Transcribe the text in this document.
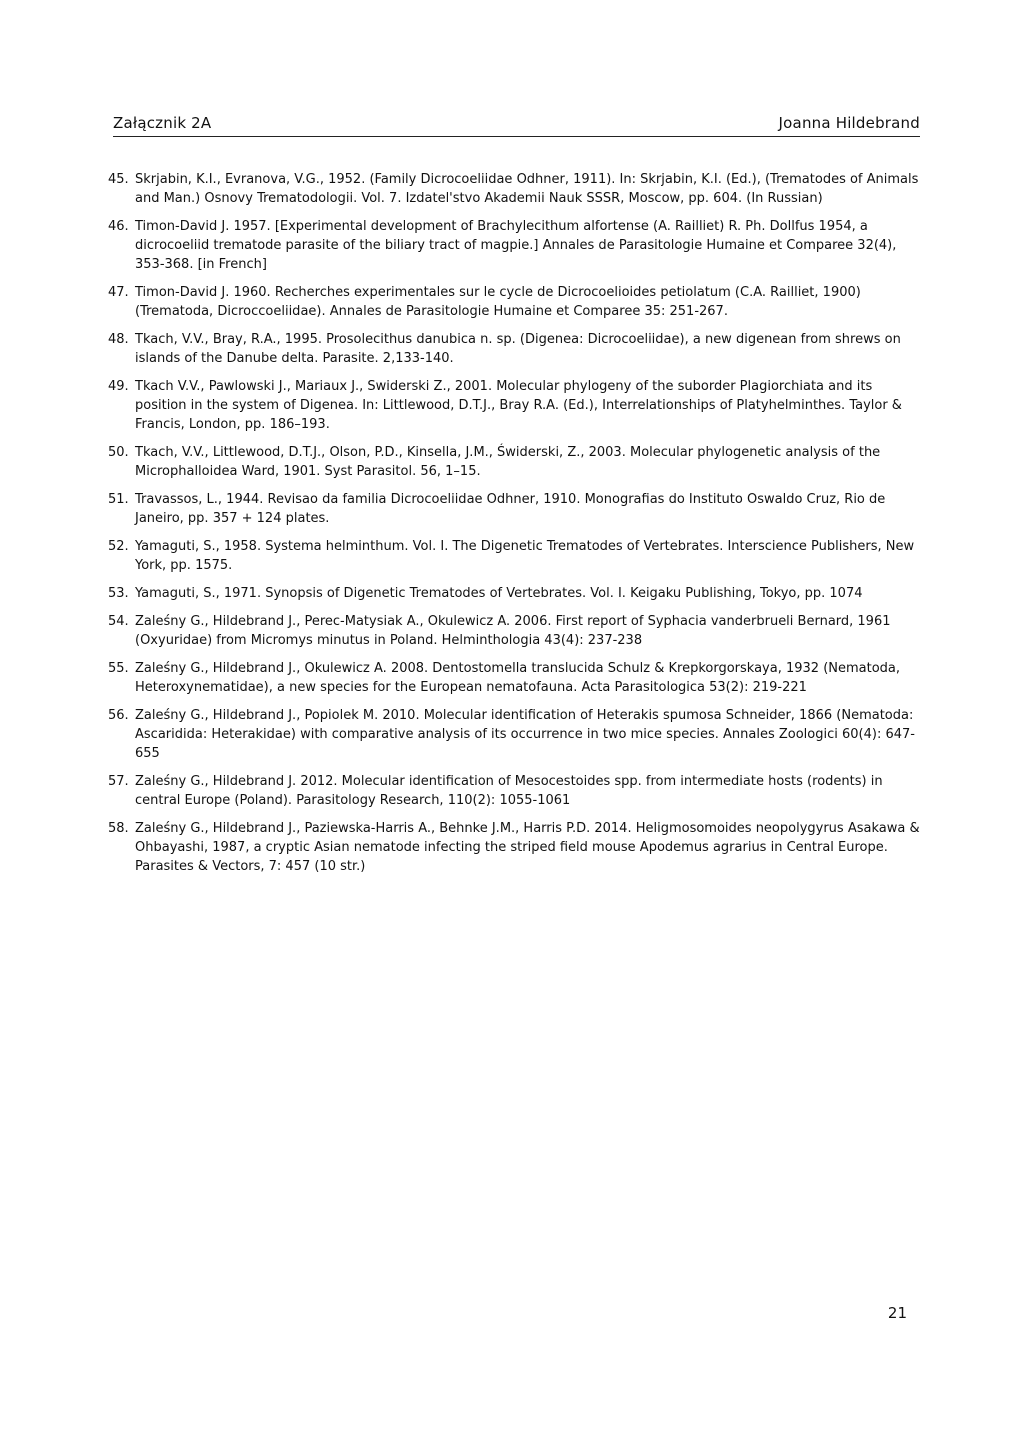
Załącznik 2A	Joanna Hildebrand
45. Skrjabin, K.I., Evranova, V.G., 1952. (Family Dicrocoeliidae Odhner, 1911). In: Skrjabin, K.I. (Ed.), (Trematodes of Animals and Man.) Osnovy Trematodologii. Vol. 7. Izdatel'stvo Akademii Nauk SSSR, Moscow, pp. 604. (In Russian)
46. Timon-David J. 1957. [Experimental development of Brachylecithum alfortense (A. Railliet) R. Ph. Dollfus 1954, a dicrocoeliid trematode parasite of the biliary tract of magpie.] Annales de Parasitologie Humaine et Comparee 32(4), 353-368. [in French]
47. Timon-David J. 1960. Recherches experimentales sur le cycle de Dicrocoelioides petiolatum (C.A. Railliet, 1900) (Trematoda, Dicroccoeliidae). Annales de Parasitologie Humaine et Comparee 35: 251-267.
48. Tkach, V.V., Bray, R.A., 1995. Prosolecithus danubica n. sp. (Digenea: Dicrocoeliidae), a new digenean from shrews on islands of the Danube delta. Parasite. 2,133-140.
49. Tkach V.V., Pawlowski J., Mariaux J., Swiderski Z., 2001. Molecular phylogeny of the suborder Plagiorchiata and its position in the system of Digenea. In: Littlewood, D.T.J., Bray R.A. (Ed.), Interrelationships of Platyhelminthes. Taylor & Francis, London, pp. 186–193.
50. Tkach, V.V., Littlewood, D.T.J., Olson, P.D., Kinsella, J.M., Świderski, Z., 2003. Molecular phylogenetic analysis of the Microphalloidea Ward, 1901. Syst Parasitol. 56, 1–15.
51. Travassos, L., 1944. Revisao da familia Dicrocoeliidae Odhner, 1910. Monografias do Instituto Oswaldo Cruz, Rio de Janeiro, pp. 357 + 124 plates.
52. Yamaguti, S., 1958. Systema helminthum. Vol. I. The Digenetic Trematodes of Vertebrates. Interscience Publishers, New York, pp. 1575.
53. Yamaguti, S., 1971. Synopsis of Digenetic Trematodes of Vertebrates. Vol. I. Keigaku Publishing, Tokyo, pp. 1074
54. Zaleśny G., Hildebrand J., Perec-Matysiak A., Okulewicz A. 2006. First report of Syphacia vanderbrueli Bernard, 1961 (Oxyuridae) from Micromys minutus in Poland. Helminthologia 43(4): 237-238
55. Zaleśny G., Hildebrand J., Okulewicz A. 2008. Dentostomella translucida Schulz & Krepkorgorskaya, 1932 (Nematoda, Heteroxynematidae), a new species for the European nematofauna. Acta Parasitologica 53(2): 219-221
56. Zaleśny G., Hildebrand J., Popiolek M. 2010. Molecular identification of Heterakis spumosa Schneider, 1866 (Nematoda: Ascaridida: Heterakidae) with comparative analysis of its occurrence in two mice species. Annales Zoologici 60(4): 647-655
57. Zaleśny G., Hildebrand J. 2012. Molecular identification of Mesocestoides spp. from intermediate hosts (rodents) in central Europe (Poland). Parasitology Research, 110(2): 1055-1061
58. Zaleśny G., Hildebrand J., Paziewska-Harris A., Behnke J.M., Harris P.D. 2014. Heligmosomoides neopolygyrus Asakawa & Ohbayashi, 1987, a cryptic Asian nematode infecting the striped field mouse Apodemus agrarius in Central Europe. Parasites & Vectors, 7: 457 (10 str.)
21
